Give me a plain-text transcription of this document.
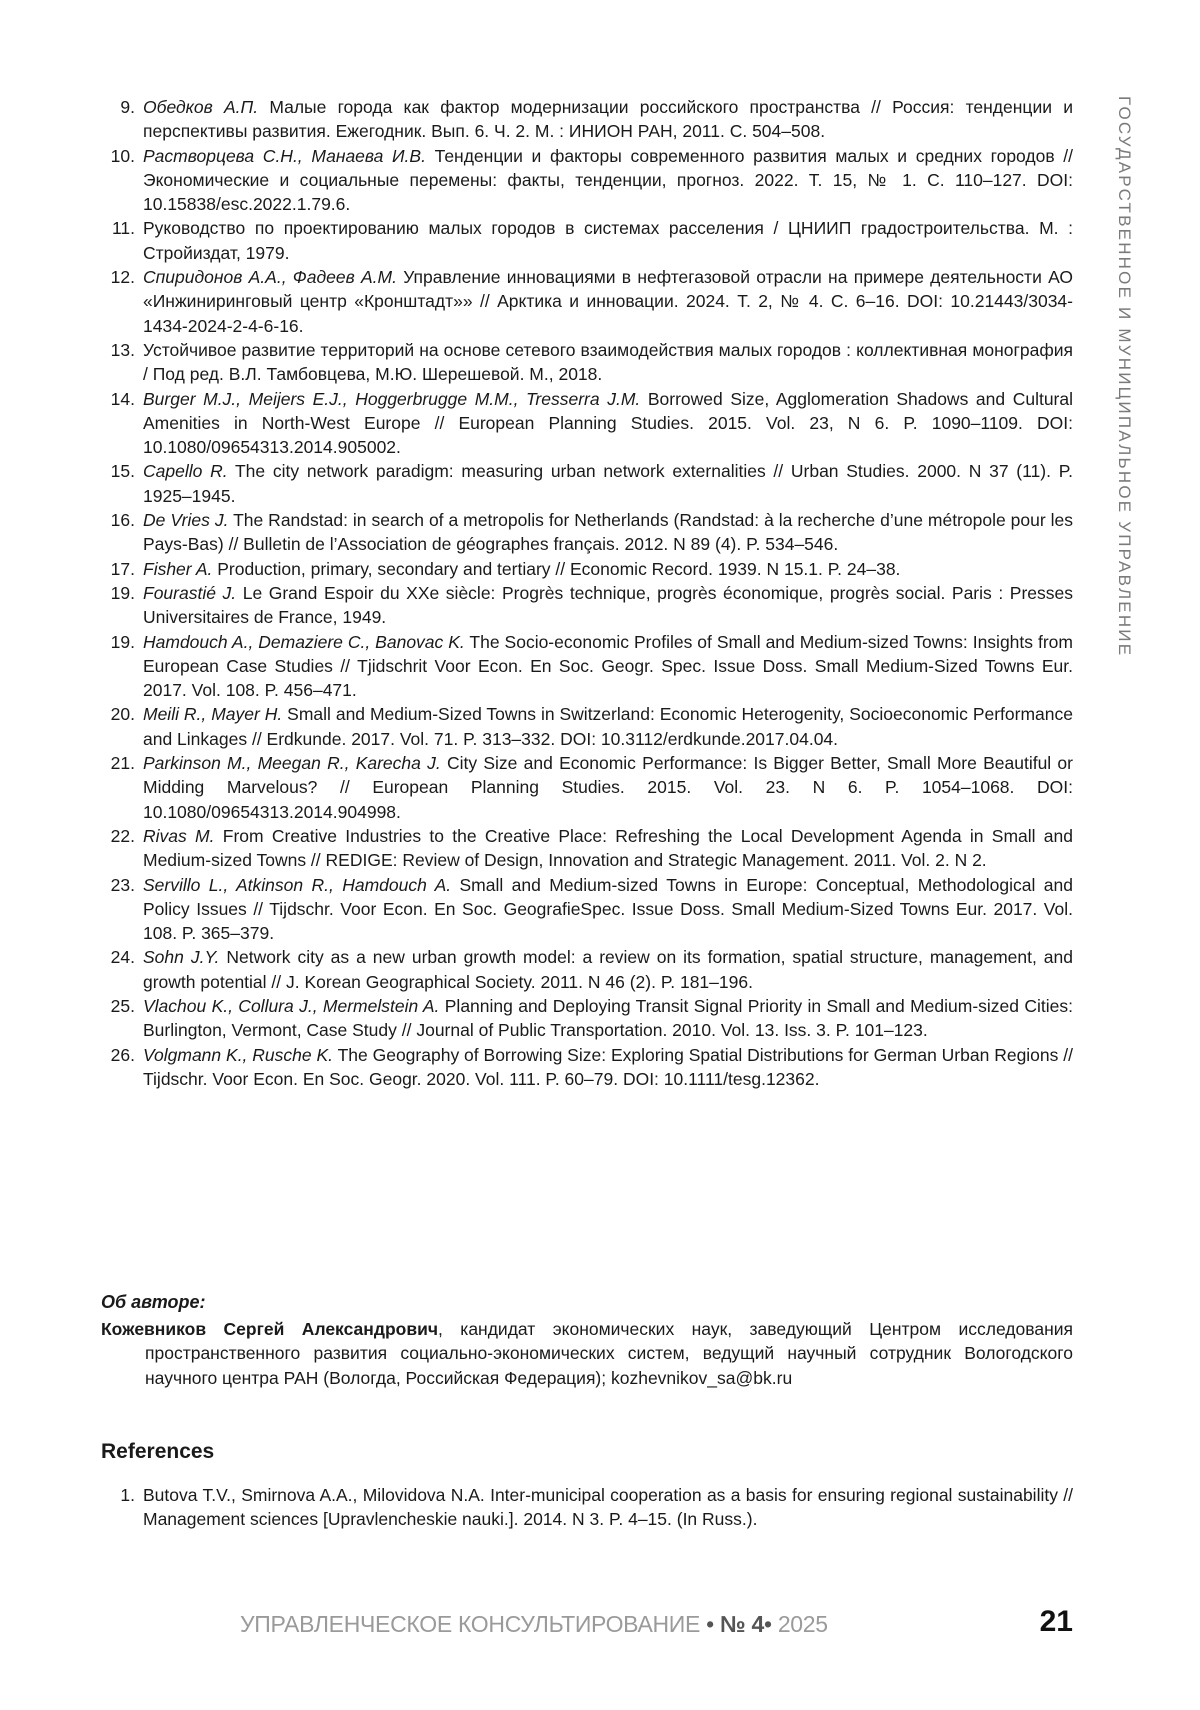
9. Обедков А.П. Малые города как фактор модернизации российского пространства // Россия: тенденции и перспективы развития. Ежегодник. Вып. 6. Ч. 2. М. : ИНИОН РАН, 2011. С. 504–508.
10. Растворцева С.Н., Манаева И.В. Тенденции и факторы современного развития малых и средних городов // Экономические и социальные перемены: факты, тенденции, прогноз. 2022. Т. 15, № 1. С. 110–127. DOI: 10.15838/esc.2022.1.79.6.
11. Руководство по проектированию малых городов в системах расселения / ЦНИИП градостроительства. М. : Стройиздат, 1979.
12. Спиридонов А.А., Фадеев А.М. Управление инновациями в нефтегазовой отрасли на примере деятельности АО «Инжиниринговый центр «Кронштадт»» // Арктика и инновации. 2024. Т. 2, № 4. С. 6–16. DOI: 10.21443/3034-1434-2024-2-4-6-16.
13. Устойчивое развитие территорий на основе сетевого взаимодействия малых городов : коллективная монография / Под ред. В.Л. Тамбовцева, М.Ю. Шерешевой. М., 2018.
14. Burger M.J., Meijers E.J., Hoggerbrugge M.M., Tresserra J.M. Borrowed Size, Agglomeration Shadows and Cultural Amenities in North-West Europe // European Planning Studies. 2015. Vol. 23, N 6. P. 1090–1109. DOI: 10.1080/09654313.2014.905002.
15. Capello R. The city network paradigm: measuring urban network externalities // Urban Studies. 2000. N 37 (11). P. 1925–1945.
16. De Vries J. The Randstad: in search of a metropolis for Netherlands (Randstad: à la recherche d’une métropole pour les Pays-Bas) // Bulletin de l’Association de géographes français. 2012. N 89 (4). P. 534–546.
17. Fisher A. Production, primary, secondary and tertiary // Economic Record. 1939. N 15.1. P. 24–38.
19. Fourastié J. Le Grand Espoir du XXe siècle: Progrès technique, progrès économique, progrès social. Paris : Presses Universitaires de France, 1949.
19. Hamdouch A., Demaziere C., Banovac K. The Socio-economic Profiles of Small and Medium-sized Towns: Insights from European Case Studies // Tjidschrit Voor Econ. En Soc. Geogr. Spec. Issue Doss. Small Medium-Sized Towns Eur. 2017. Vol. 108. P. 456–471.
20. Meili R., Mayer H. Small and Medium-Sized Towns in Switzerland: Economic Heterogenity, Socioeconomic Performance and Linkages // Erdkunde. 2017. Vol. 71. P. 313–332. DOI: 10.3112/erdkunde.2017.04.04.
21. Parkinson M., Meegan R., Karecha J. City Size and Economic Performance: Is Bigger Better, Small More Beautiful or Midding Marvelous? // European Planning Studies. 2015. Vol. 23. N 6. P. 1054–1068. DOI: 10.1080/09654313.2014.904998.
22. Rivas M. From Creative Industries to the Creative Place: Refreshing the Local Development Agenda in Small and Medium-sized Towns // REDIGE: Review of Design, Innovation and Strategic Management. 2011. Vol. 2. N 2.
23. Servillo L., Atkinson R., Hamdouch A. Small and Medium-sized Towns in Europe: Conceptual, Methodological and Policy Issues // Tijdschr. Voor Econ. En Soc. GeografieSpec. Issue Doss. Small Medium-Sized Towns Eur. 2017. Vol. 108. P. 365–379.
24. Sohn J.Y. Network city as a new urban growth model: a review on its formation, spatial structure, management, and growth potential // J. Korean Geographical Society. 2011. N 46 (2). P. 181–196.
25. Vlachou K., Collura J., Mermelstein A. Planning and Deploying Transit Signal Priority in Small and Medium-sized Cities: Burlington, Vermont, Case Study // Journal of Public Transportation. 2010. Vol. 13. Iss. 3. P. 101–123.
26. Volgmann K., Rusche K. The Geography of Borrowing Size: Exploring Spatial Distributions for German Urban Regions // Tijdschr. Voor Econ. En Soc. Geogr. 2020. Vol. 111. P. 60–79. DOI: 10.1111/tesg.12362.
Об авторе:
Кожевников Сергей Александрович, кандидат экономических наук, заведующий Центром исследования пространственного развития социально-экономических систем, ведущий научный сотрудник Вологодского научного центра РАН (Вологда, Российская Федерация); kozhevnikov_sa@bk.ru
References
1. Butova T.V., Smirnova A.A., Milovidova N.A. Inter-municipal cooperation as a basis for ensuring regional sustainability // Management sciences [Upravlencheskie nauki.]. 2014. N 3. P. 4–15. (In Russ.).
ГОСУДАРСТВЕННОЕ И МУНИЦИПАЛЬНОЕ УПРАВЛЕНИЕ
УПРАВЛЕНЧЕСКОЕ КОНСУЛЬТИРОВАНИЕ • № 4• 2025	21
